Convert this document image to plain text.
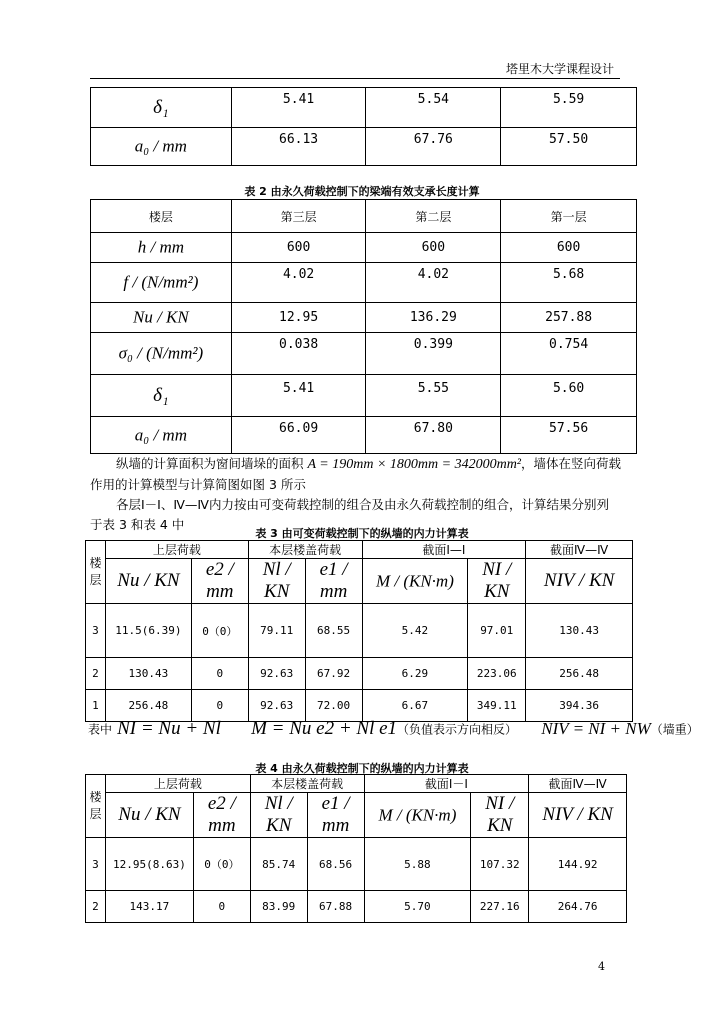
塔里木大学课程设计
δ₁	5.41	5.54	5.59
a₀ / mm	66.13	67.76	57.50
表 2 由永久荷载控制下的梁端有效支承长度计算
楼层	第三层	第二层	第一层
h / mm	600	600	600
f / (N/mm²)	4.02	4.02	5.68
Nu / KN	12.95	136.29	257.88
σ₀ / (N/mm²)	0.038	0.399	0.754
δ₁	5.41	5.55	5.60
a₀ / mm	66.09	67.80	57.56
纵墙的计算面积为窗间墙垛的面积 A = 190mm × 1800mm = 342000mm²，墙体在竖向荷载
作用的计算模型与计算简图如图 3 所示
各层Ⅰ－Ⅰ、Ⅳ—Ⅳ内力按由可变荷载控制的组合及由永久荷载控制的组合，计算结果分别列
于表 3 和表 4 中
表 3 由可变荷载控制下的纵墙的内力计算表
楼层	上层荷载		本层楼盖荷载		截面Ⅰ—Ⅰ		截面Ⅳ—Ⅳ
	Nu / KN	e2 / mm	Nl / KN	e1 / mm	M / (KN·m)	NI / KN	NIV / KN
3	11.5(6.39)	0（0）	79.11	68.55	5.42	97.01	130.43
2	130.43	0	92.63	67.92	6.29	223.06	256.48
1	256.48	0	92.63	72.00	6.67	349.11	394.36
表中 NI = Nu + Nl M = Nu e2 + Nl e1（负值表示方向相反） NIV = NI + NW（墙重）
表 4 由永久荷载控制下的纵墙的内力计算表
楼层	上层荷载		本层楼盖荷载		截面Ⅰ－Ⅰ		截面Ⅳ—Ⅳ
	Nu / KN	e2 / mm	Nl / KN	e1 / mm	M / (KN·m)	NI / KN	NIV / KN
3	12.95(8.63)	0（0）	85.74	68.56	5.88	107.32	144.92
2	143.17	0	83.99	67.88	5.70	227.16	264.76
4
